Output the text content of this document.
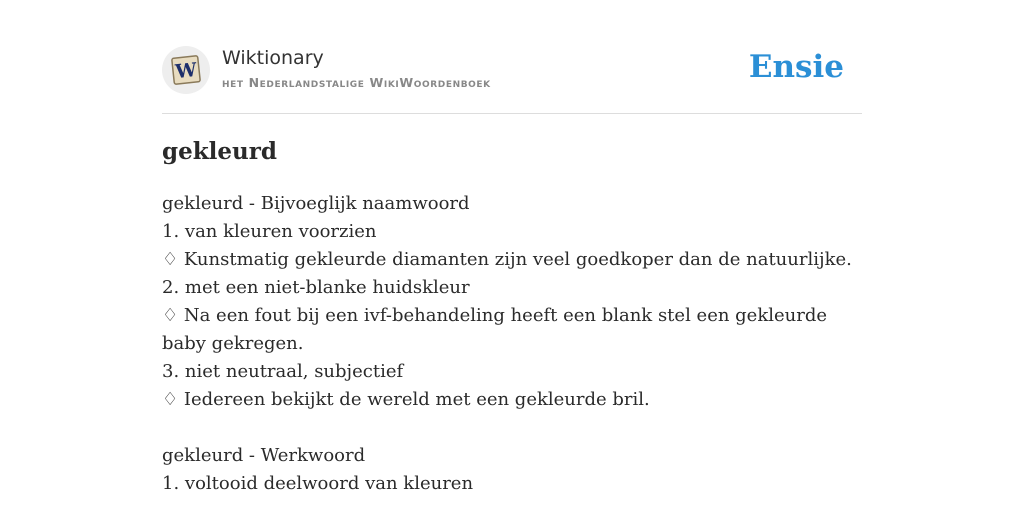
W
Wiktionary
het Nederlandstalige WikiWoordenboek	Ensie
gekleurd
gekleurd - Bijvoeglijk naamwoord
1. van kleuren voorzien
♢ Kunstmatig gekleurde diamanten zijn veel goedkoper dan de natuurlijke.
2. met een niet-blanke huidskleur
♢ Na een fout bij een ivf-behandeling heeft een blank stel een gekleurde baby gekregen.
3. niet neutraal, subjectief
♢ Iedereen bekijkt de wereld met een gekleurde bril.
gekleurd - Werkwoord
1. voltooid deelwoord van kleuren
